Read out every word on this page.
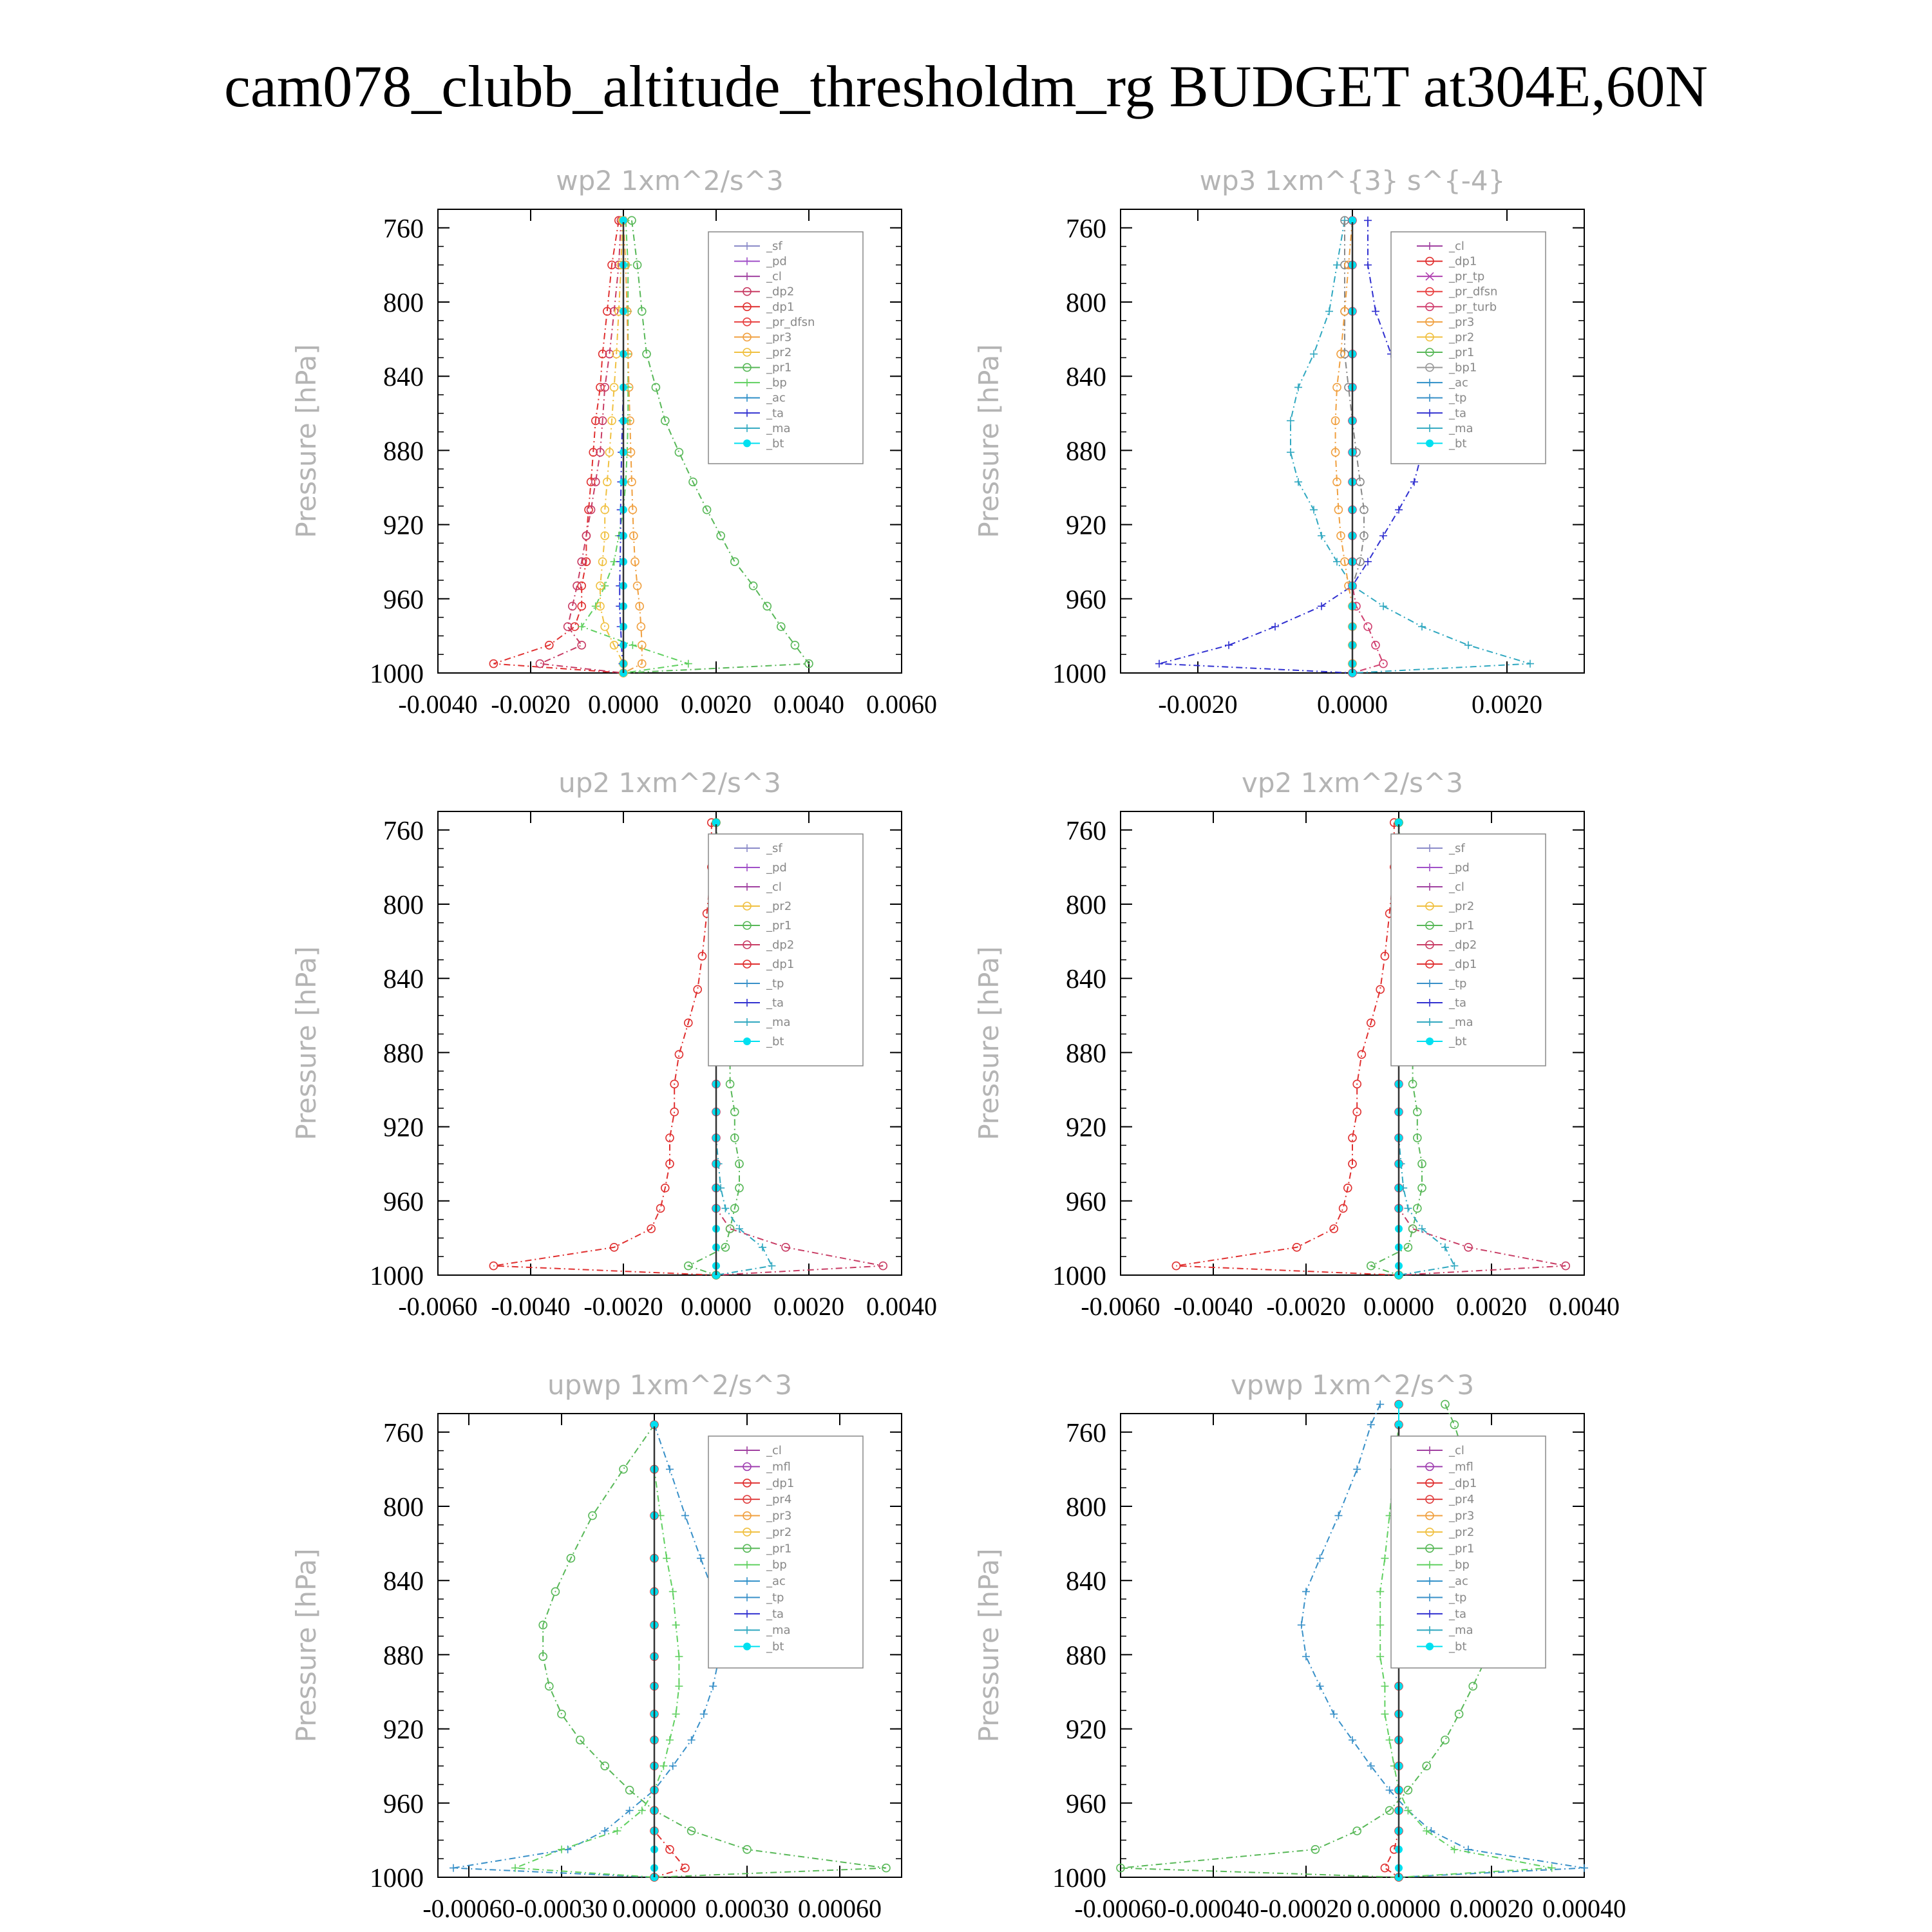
cam078_clubb_altitude_thresholdm_rg BUDGET at304E,60N
wp2 1xm^2/s^3
Pressure [hPa]
760
800
840
880
920
960
1000
-0.0040 -0.0020 0.0000 0.0020 0.0040 0.0060
_sf
_pd
_cl
_dp2
_dp1
_pr_dfsn
_pr3
_pr2
_pr1
_bp
_ac
_ta
_ma
_bt
wp3 1xm^{3} s^{-4}
Pressure [hPa]
760
800
840
880
920
960
1000
-0.0020	0.0000	0.0020
_cl
_dp1
_pr_tp
_pr_dfsn
_pr_turb
_pr3
_pr2
_pr1
_bp1
_ac
_tp
_ta
_ma
_bt
up2 1xm^2/s^3
Pressure [hPa]
760
800
840
880
920
960
1000
-0.0060 -0.0040 -0.0020 0.0000 0.0020 0.0040
_sf
_pd
_cl
_pr2
_pr1
_dp2
_dp1
_tp
_ta
_ma
_bt
vp2 1xm^2/s^3
Pressure [hPa]
760
800
840
880
920
960
1000
-0.0060 -0.0040 -0.0020 0.0000 0.0020 0.0040
_sf
_pd
_cl
_pr2
_pr1
_dp2
_dp1
_tp
_ta
_ma
_bt
upwp 1xm^2/s^3
Pressure [hPa]
760
800
840
880
920
960
1000
-0.00060 -0.00030 0.00000 0.00030 0.00060
_cl
_mfl
_dp1
_pr4
_pr3
_pr2
_pr1
_bp
_ac
_tp
_ta
_ma
_bt
vpwp 1xm^2/s^3
Pressure [hPa]
760
800
840
880
920
960
1000
-0.00060 -0.00040 -0.00020 0.00000 0.00020 0.00040
_cl
_mfl
_dp1
_pr4
_pr3
_pr2
_pr1
_bp
_ac
_tp
_ta
_ma
_bt
